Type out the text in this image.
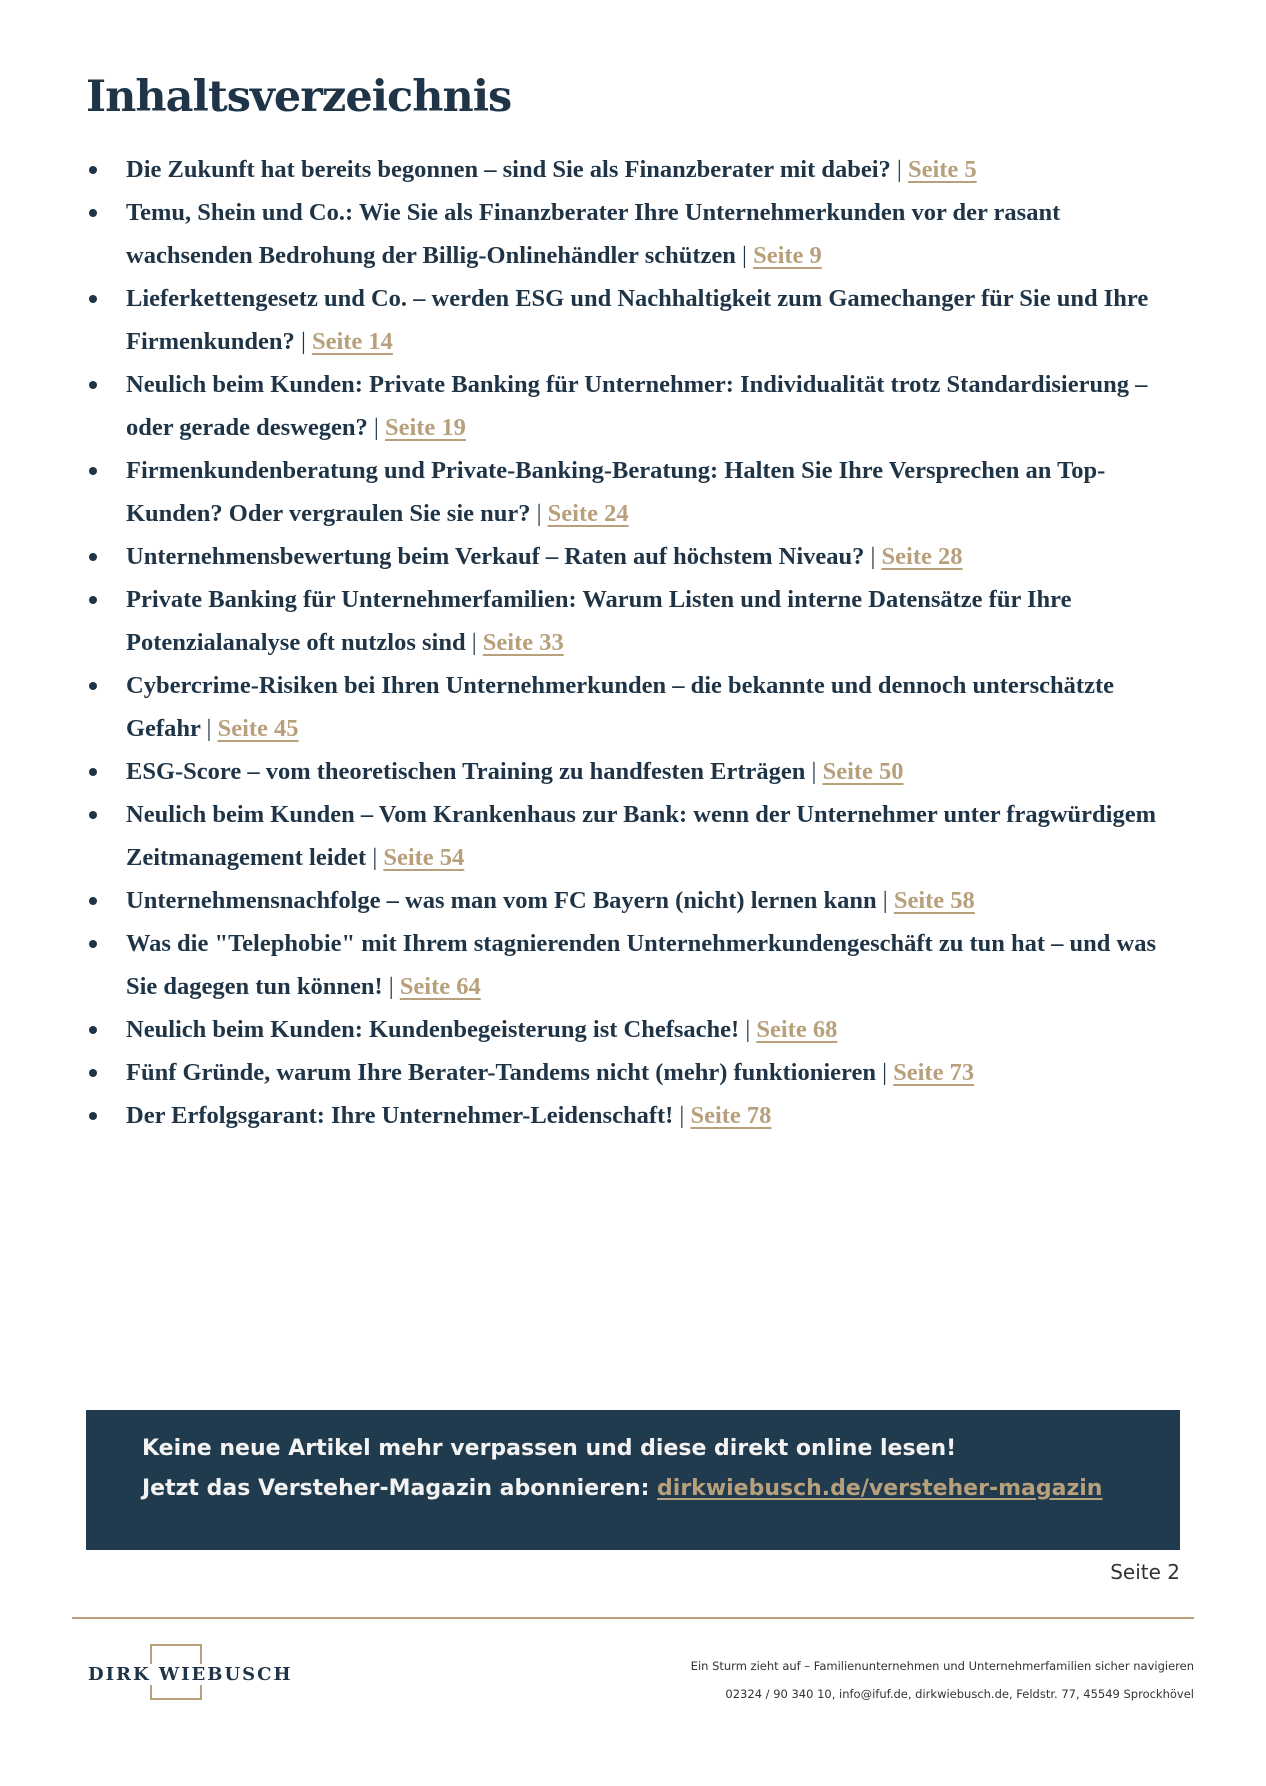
Inhaltsverzeichnis
Die Zukunft hat bereits begonnen – sind Sie als Finanzberater mit dabei? | Seite 5
Temu, Shein und Co.: Wie Sie als Finanzberater Ihre Unternehmerkunden vor der rasant wachsenden Bedrohung der Billig-Onlinehändler schützen | Seite 9
Lieferkettengesetz und Co. – werden ESG und Nachhaltigkeit zum Gamechanger für Sie und Ihre Firmenkunden? | Seite 14
Neulich beim Kunden: Private Banking für Unternehmer: Individualität trotz Standardisierung – oder gerade deswegen? | Seite 19
Firmenkundenberatung und Private-Banking-Beratung: Halten Sie Ihre Versprechen an Top-Kunden? Oder vergraulen Sie sie nur? | Seite 24
Unternehmensbewertung beim Verkauf – Raten auf höchstem Niveau? | Seite 28
Private Banking für Unternehmerfamilien: Warum Listen und interne Datensätze für Ihre Potenzialanalyse oft nutzlos sind | Seite 33
Cybercrime-Risiken bei Ihren Unternehmerkunden – die bekannte und dennoch unterschätzte Gefahr | Seite 45
ESG-Score – vom theoretischen Training zu handfesten Erträgen | Seite 50
Neulich beim Kunden – Vom Krankenhaus zur Bank: wenn der Unternehmer unter fragwürdigem Zeitmanagement leidet | Seite 54
Unternehmensnachfolge – was man vom FC Bayern (nicht) lernen kann | Seite 58
Was die "Telephobie" mit Ihrem stagnierenden Unternehmerkundengeschäft zu tun hat – und was Sie dagegen tun können! | Seite 64
Neulich beim Kunden: Kundenbegeisterung ist Chefsache! | Seite 68
Fünf Gründe, warum Ihre Berater-Tandems nicht (mehr) funktionieren | Seite 73
Der Erfolgsgarant: Ihre Unternehmer-Leidenschaft! | Seite 78

Keine neue Artikel mehr verpassen und diese direkt online lesen!

Jetzt das Versteher-Magazin abonnieren: dirkwiebusch.de/versteher-magazin

Seite 2
DIRK WIEBUSCH	Ein Sturm zieht auf – Familienunternehmen und Unternehmerfamilien sicher navigieren
02324 / 90 340 10, info@ifuf.de, dirkwiebusch.de, Feldstr. 77, 45549 Sprockhövel
